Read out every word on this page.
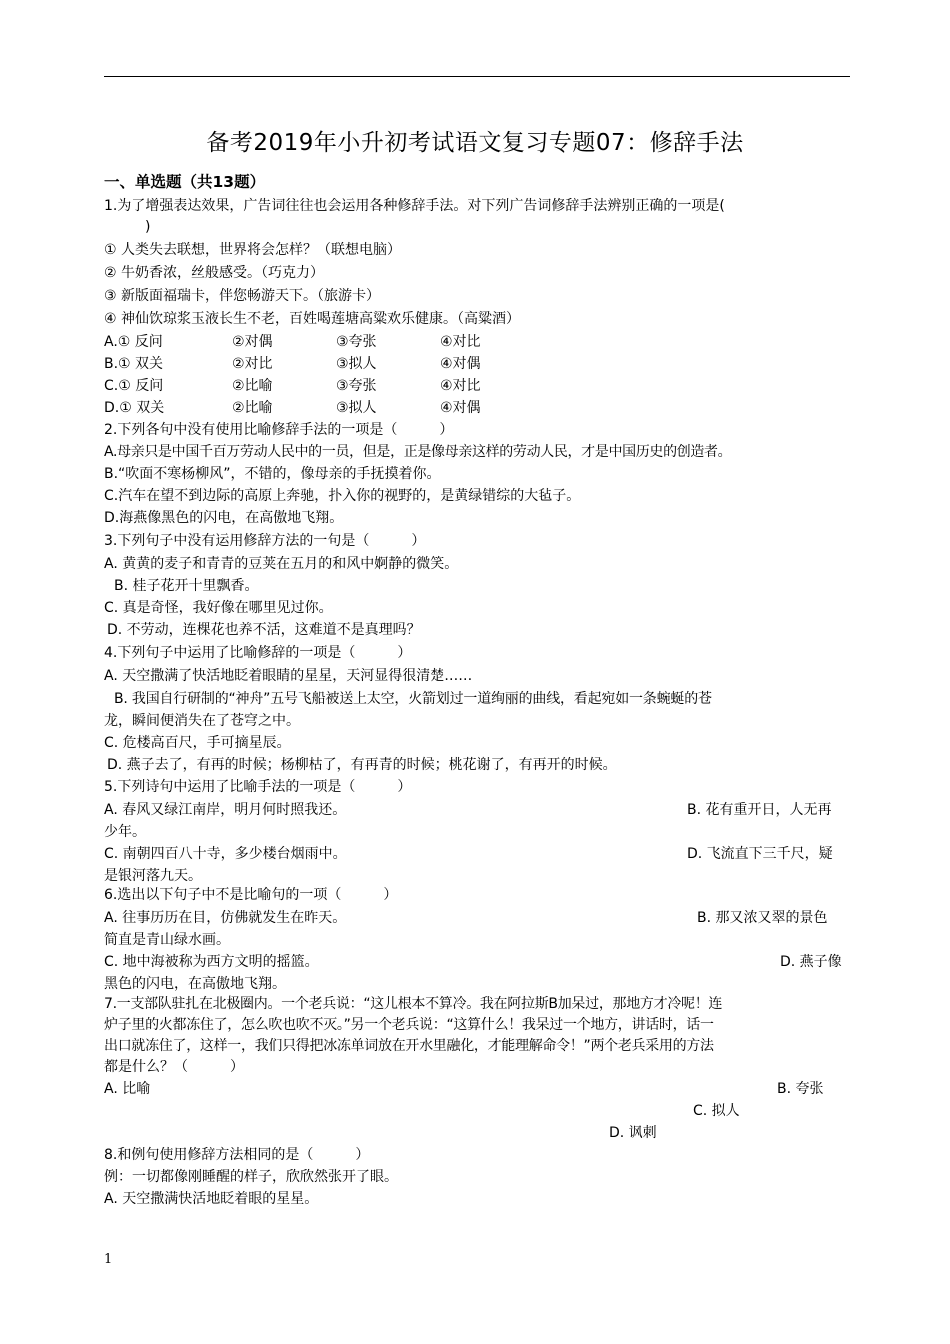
备考2019年小升初考试语文复习专题07：修辞手法
一、单选题（共13题）
1.为了增强表达效果，广告词往往也会运用各种修辞手法。对下列广告词修辞手法辨别正确的一项是(
)
① 人类失去联想，世界将会怎样？（联想电脑）
② 牛奶香浓，丝般感受。（巧克力）
③ 新版面福瑞卡，伴您畅游天下。（旅游卡）
④ 神仙饮琼浆玉液长生不老，百姓喝莲塘高粱欢乐健康。（高粱酒）
A.① 反问	②对偶	③夸张	④对比
B.① 双关	②对比	③拟人	④对偶
C.① 反问	②比喻	③夸张	④对比
D.① 双关	②比喻	③拟人	④对偶
2.下列各句中没有使用比喻修辞手法的一项是（　　　）
A.母亲只是中国千百万劳动人民中的一员，但是，正是像母亲这样的劳动人民，才是中国历史的创造者。
B.“吹面不寒杨柳风”，不错的，像母亲的手抚摸着你。
C.汽车在望不到边际的高原上奔驰，扑入你的视野的，是黄绿错综的大毡子。
D.海燕像黑色的闪电，在高傲地飞翔。
3.下列句子中没有运用修辞方法的一句是（　　　）
A. 黄黄的麦子和青青的豆荚在五月的和风中婀静的微笑。
B. 桂子花开十里飘香。
C. 真是奇怪，我好像在哪里见过你。
D. 不劳动，连棵花也养不活，这难道不是真理吗？
4.下列句子中运用了比喻修辞的一项是（　　　）
A. 天空撒满了快活地眨着眼睛的星星，天河显得很清楚……
B. 我国自行研制的“神舟”五号飞船被送上太空，火箭划过一道绚丽的曲线，看起宛如一条蜿蜒的苍
龙，瞬间便消失在了苍穹之中。
C. 危楼高百尺，手可摘星辰。
D. 燕子去了，有再的时候；杨柳枯了，有再青的时候；桃花谢了，有再开的时候。
5.下列诗句中运用了比喻手法的一项是（　　　）
A. 春风又绿江南岸，明月何时照我还。	B. 花有重开日，人无再
少年。
C. 南朝四百八十寺，多少楼台烟雨中。	D. 飞流直下三千尺，疑
是银河落九天。
6.选出以下句子中不是比喻句的一项（　　　）
A. 往事历历在目，仿佛就发生在昨天。	B. 那又浓又翠的景色
简直是青山绿水画。
C. 地中海被称为西方文明的摇篮。	D. 燕子像
黑色的闪电，在高傲地飞翔。
7.一支部队驻扎在北极圈内。一个老兵说：“这儿根本不算冷。我在阿拉斯B加呆过，那地方才冷呢！连
炉子里的火都冻住了，怎么吹也吹不灭。”另一个老兵说：“这算什么！我呆过一个地方，讲话时，话一
出口就冻住了，这样一，我们只得把冰冻单词放在开水里融化，才能理解命令！”两个老兵采用的方法
都是什么？（　　　）
A. 比喻	B. 夸张
C. 拟人
D. 讽刺
8.和例句使用修辞方法相同的是（　　　）
例：一切都像刚睡醒的样子，欣欣然张开了眼。
A. 天空撒满快活地眨着眼的星星。
1
